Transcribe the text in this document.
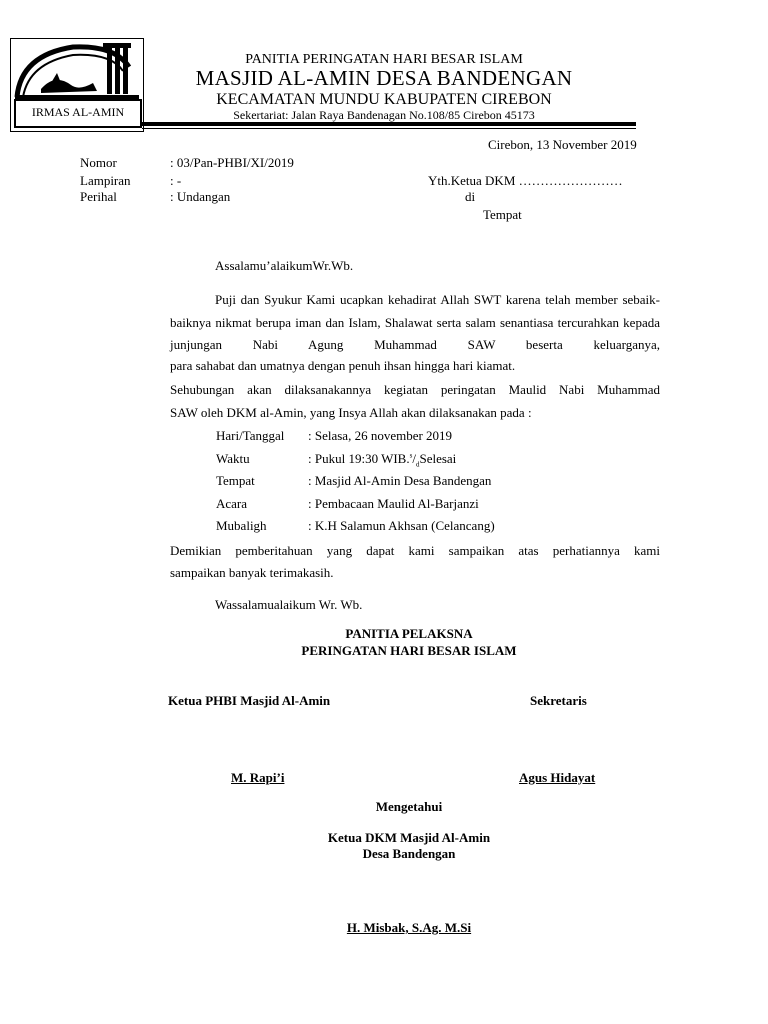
IRMAS AL-AMIN
PANITIA PERINGATAN HARI BESAR ISLAM
MASJID AL-AMIN DESA BANDENGAN
KECAMATAN MUNDU KABUPATEN CIREBON
Sekertariat: Jalan Raya Bandenagan No.108/85 Cirebon 45173
Cirebon, 13 November 2019
Nomor	: 03/Pan-PHBI/XI/2019
Lampiran	: -
Perihal	: Undangan
Yth.Ketua DKM ……………………
di
Tempat
Assalamu’alaikumWr.Wb.
Puji dan Syukur Kami ucapkan kehadirat Allah SWT karena telah member sebaik-baiknya nikmat berupa iman dan Islam, Shalawat serta salam senantiasa tercurahkan kepada junjungan Nabi Agung Muhammad SAW beserta keluarganya,
para sahabat dan umatnya dengan penuh ihsan hingga hari kiamat.
Sehubungan akan dilaksanakannya kegiatan peringatan Maulid Nabi Muhammad
SAW oleh DKM al-Amin, yang Insya Allah akan dilaksanakan pada :
Hari/Tanggal : Selasa, 26 november 2019
Waktu	: Pukul 19:30 $WIB.^s/_dSelesai$
Tempat	: Masjid Al-Amin Desa Bandengan
Acara	: Pembacaan Maulid Al-Barjanzi
Mubaligh	: K.H Salamun Akhsan (Celancang)
Demikian pemberitahuan yang dapat kami sampaikan atas perhatiannya kami
sampaikan banyak terimakasih.
Wassalamualaikum Wr. Wb.
PANITIA PELAKSNA
PERINGATAN HARI BESAR ISLAM
Ketua PHBI Masjid Al-Amin	Sekretaris
M. Rapi’i	Agus Hidayat
Mengetahui
Ketua DKM Masjid Al-Amin
Desa Bandengan
H. Misbak, S.Ag. M.Si
